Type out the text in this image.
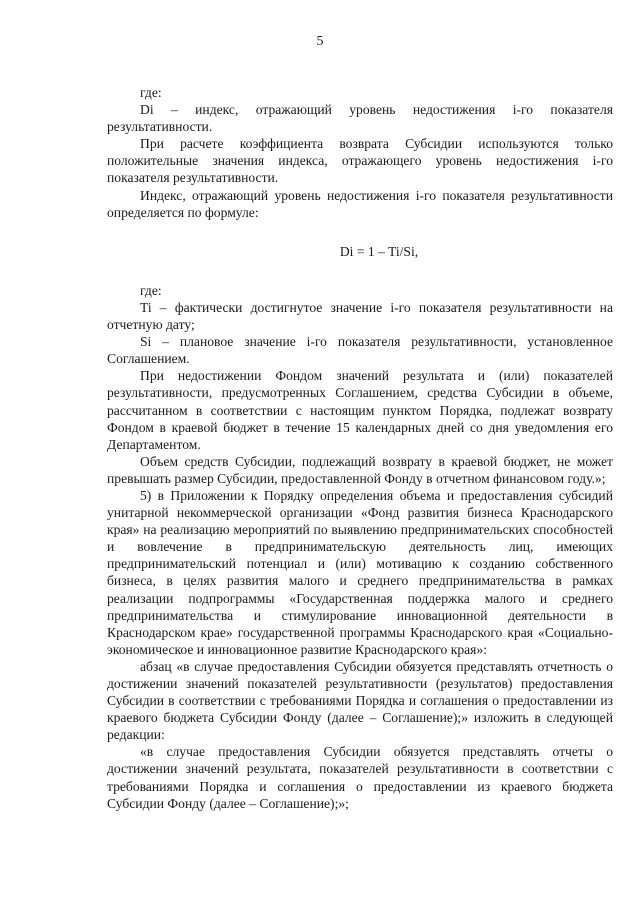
5

где:

Di – индекс, отражающий уровень недостижения i-го показателя результативности.

При расчете коэффициента возврата Субсидии используются только положительные значения индекса, отражающего уровень недостижения i-го показателя результативности.

Индекс, отражающий уровень недостижения i-го показателя результативности определяется по формуле:

Di = 1 – Ti/Si,

где:

Ti – фактически достигнутое значение i-го показателя результативности на отчетную дату;

Si – плановое значение i-го показателя результативности, установленное Соглашением.

При недостижении Фондом значений результата и (или) показателей результативности, предусмотренных Соглашением, средства Субсидии в объеме, рассчитанном в соответствии с настоящим пунктом Порядка, подлежат возврату Фондом в краевой бюджет в течение 15 календарных дней со дня уведомления его Департаментом.

Объем средств Субсидии, подлежащий возврату в краевой бюджет, не может превышать размер Субсидии, предоставленной Фонду в отчетном финансовом году.»;

5) в Приложении к Порядку определения объема и предоставления субсидий унитарной некоммерческой организации «Фонд развития бизнеса Краснодарского края» на реализацию мероприятий по выявлению предпринимательских способностей и вовлечение в предпринимательскую деятельность лиц, имеющих предпринимательский потенциал и (или) мотивацию к созданию собственного бизнеса, в целях развития малого и среднего предпринимательства в рамках реализации подпрограммы «Государственная поддержка малого и среднего предпринимательства и стимулирование инновационной деятельности в Краснодарском крае» государственной программы Краснодарского края «Социально-экономическое и инновационное развитие Краснодарского края»:

абзац «в случае предоставления Субсидии обязуется представлять отчетность о достижении значений показателей результативности (результатов) предоставления Субсидии в соответствии с требованиями Порядка и соглашения о предоставлении из краевого бюджета Субсидии Фонду (далее – Соглашение);» изложить в следующей редакции:

«в случае предоставления Субсидии обязуется представлять отчеты о достижении значений результата, показателей результативности в соответствии с требованиями Порядка и соглашения о предоставлении из краевого бюджета Субсидии Фонду (далее – Соглашение);»;
